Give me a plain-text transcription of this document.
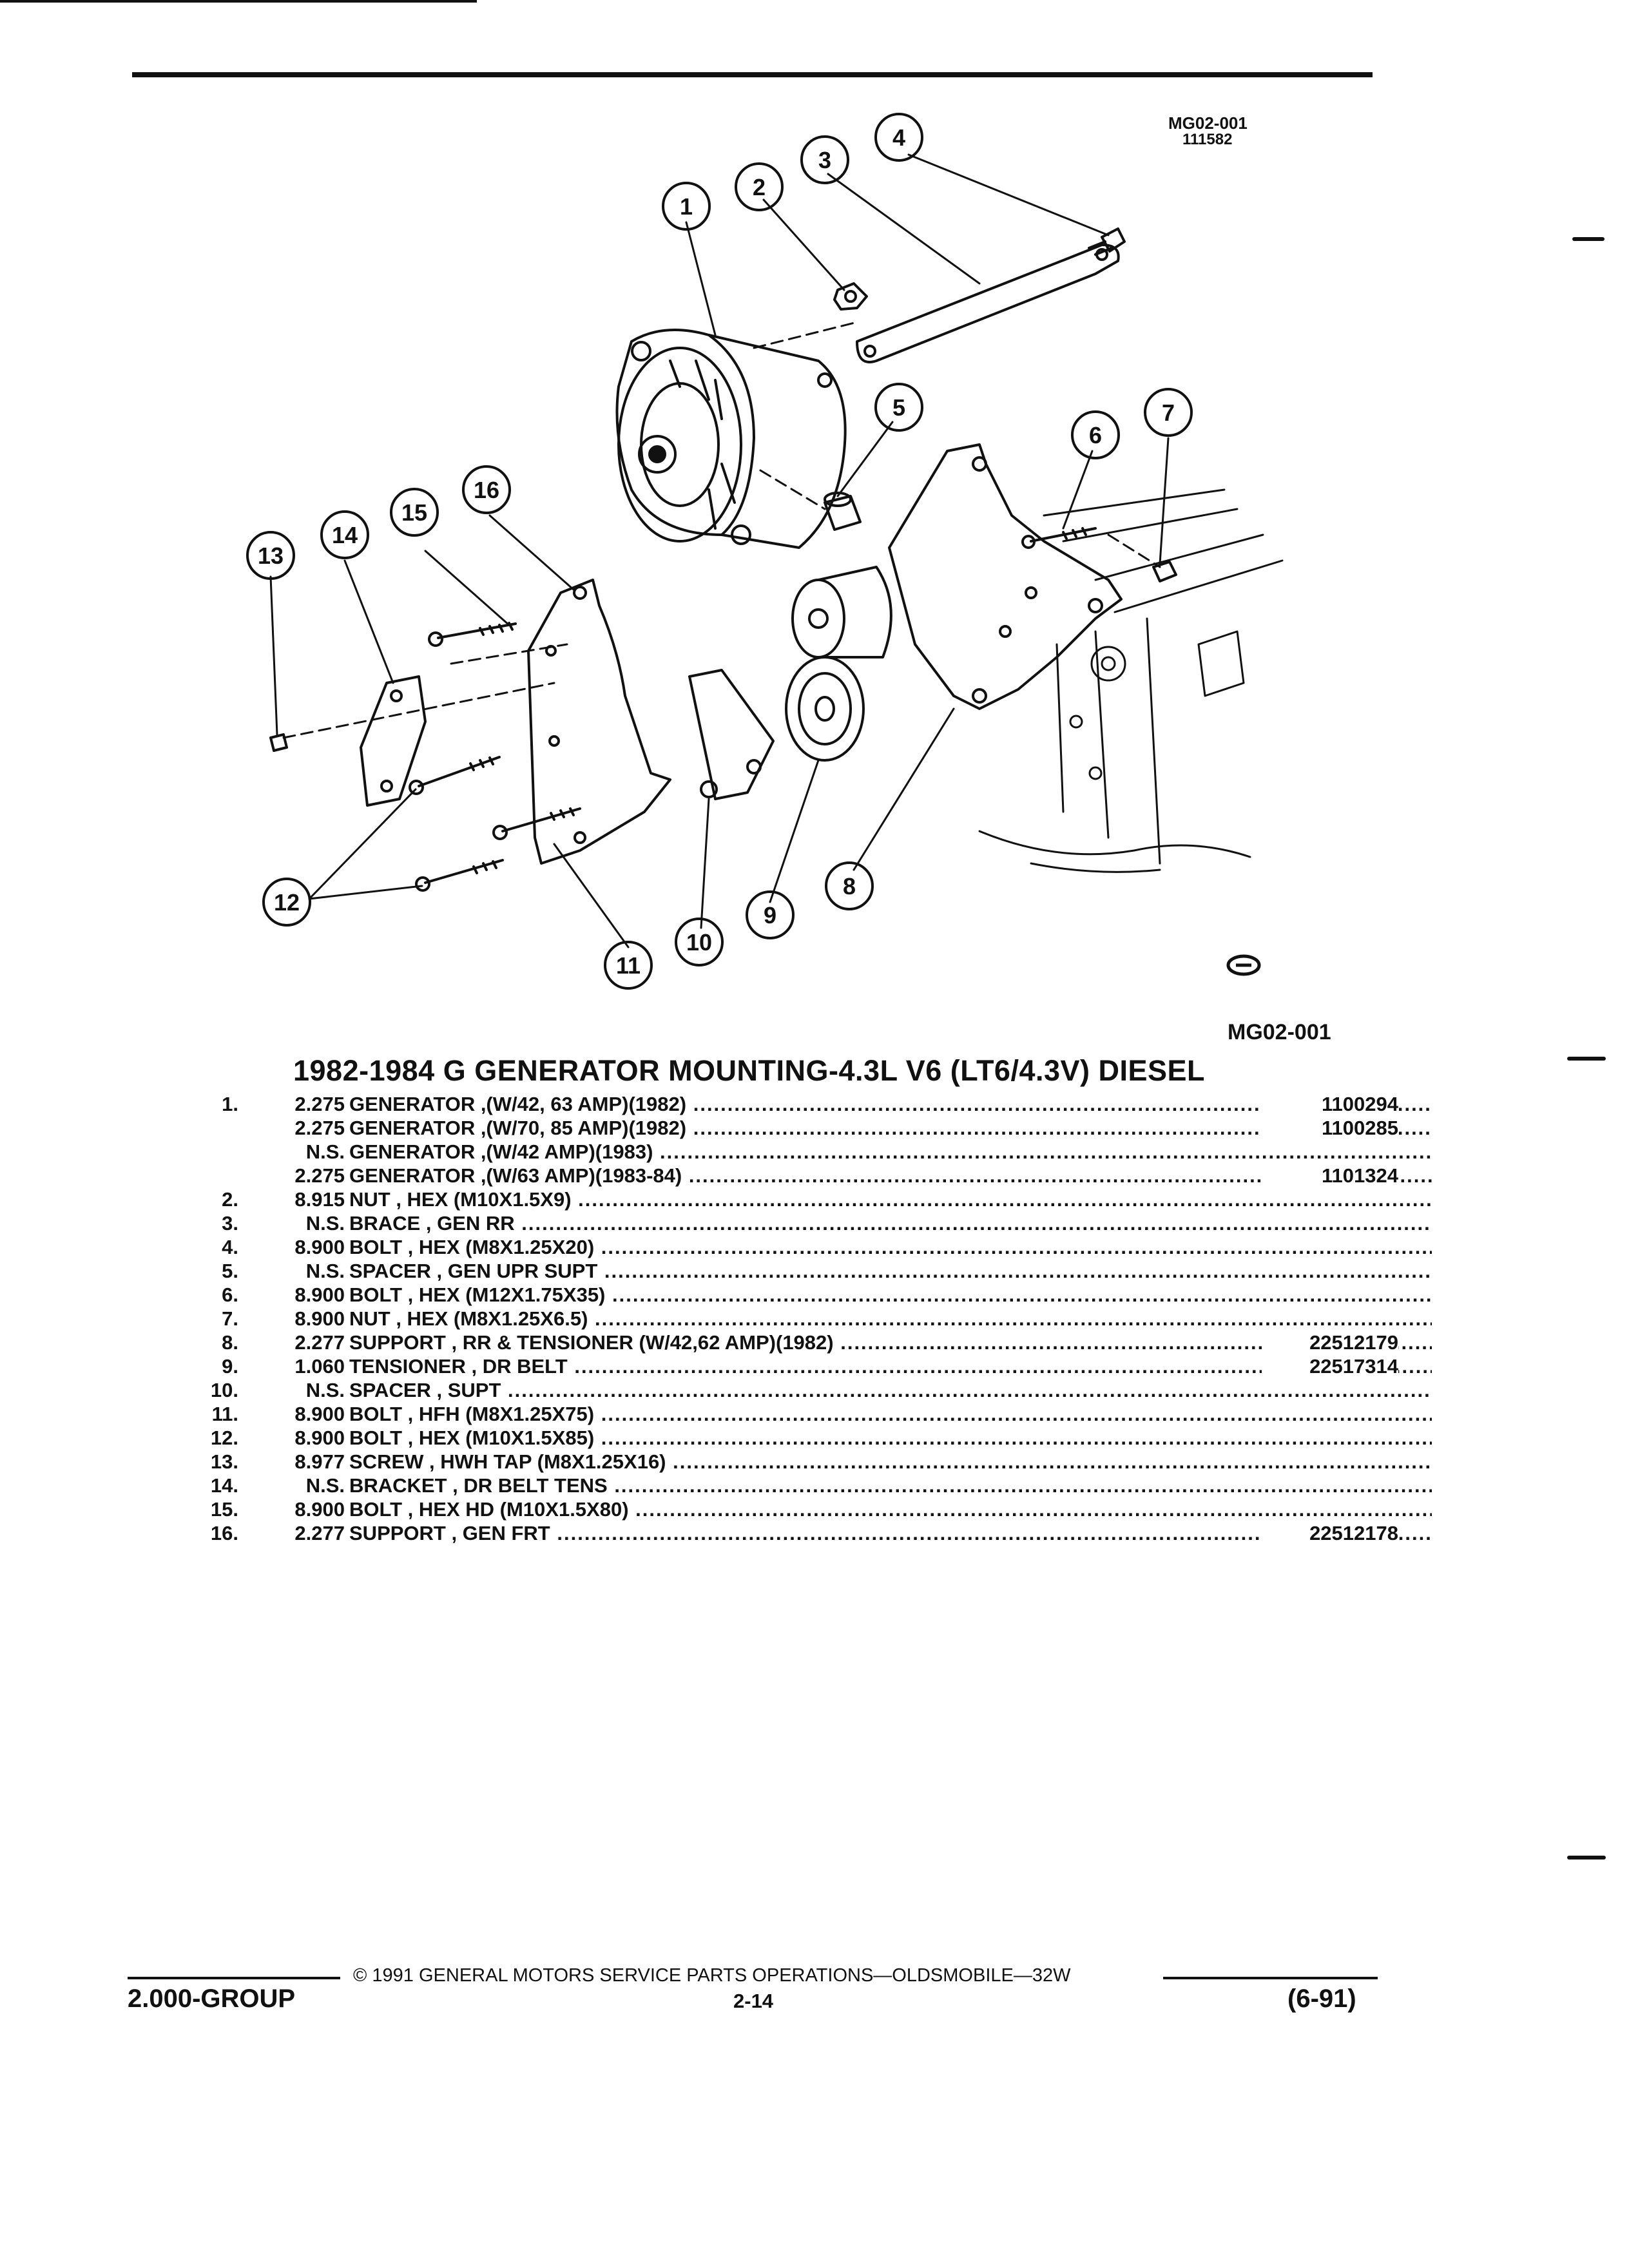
MG02-001
111582
1
2
3
4
5
6
7
8
9
10
11
12
13
14
15
16
MG02-001
1982-1984 G GENERATOR MOUNTING-4.3L V6 (LT6/4.3V) DIESEL
1.	2.275 GENERATOR ,(W/42, 63 AMP)(1982) .....	1100294
2.275 GENERATOR ,(W/70, 85 AMP)(1982) .....	1100285
N.S. GENERATOR ,(W/42 AMP)(1983) .....
2.275 GENERATOR ,(W/63 AMP)(1983-84) .....	1101324
2.	8.915 NUT , HEX (M10X1.5X9) .....
3.	N.S. BRACE , GEN RR .....
4.	8.900 BOLT , HEX (M8X1.25X20) .....
5.	N.S. SPACER , GEN UPR SUPT .....
6.	8.900 BOLT , HEX (M12X1.75X35) .....
7.	8.900 NUT , HEX (M8X1.25X6.5) .....
8.	2.277 SUPPORT , RR & TENSIONER (W/42,62 AMP)(1982) .....	22512179
9.	1.060 TENSIONER , DR BELT .....	22517314
10.	N.S. SPACER , SUPT .....
11.	8.900 BOLT , HFH (M8X1.25X75) .....
12.	8.900 BOLT , HEX (M10X1.5X85) .....
13.	8.977 SCREW , HWH TAP (M8X1.25X16) .....
14.	N.S. BRACKET , DR BELT TENS .....
15.	8.900 BOLT , HEX HD (M10X1.5X80) .....
16.	2.277 SUPPORT , GEN FRT .....	22512178
© 1991 GENERAL MOTORS SERVICE PARTS OPERATIONS—OLDSMOBILE—32W
2.000-GROUP	2-14	(6-91)
